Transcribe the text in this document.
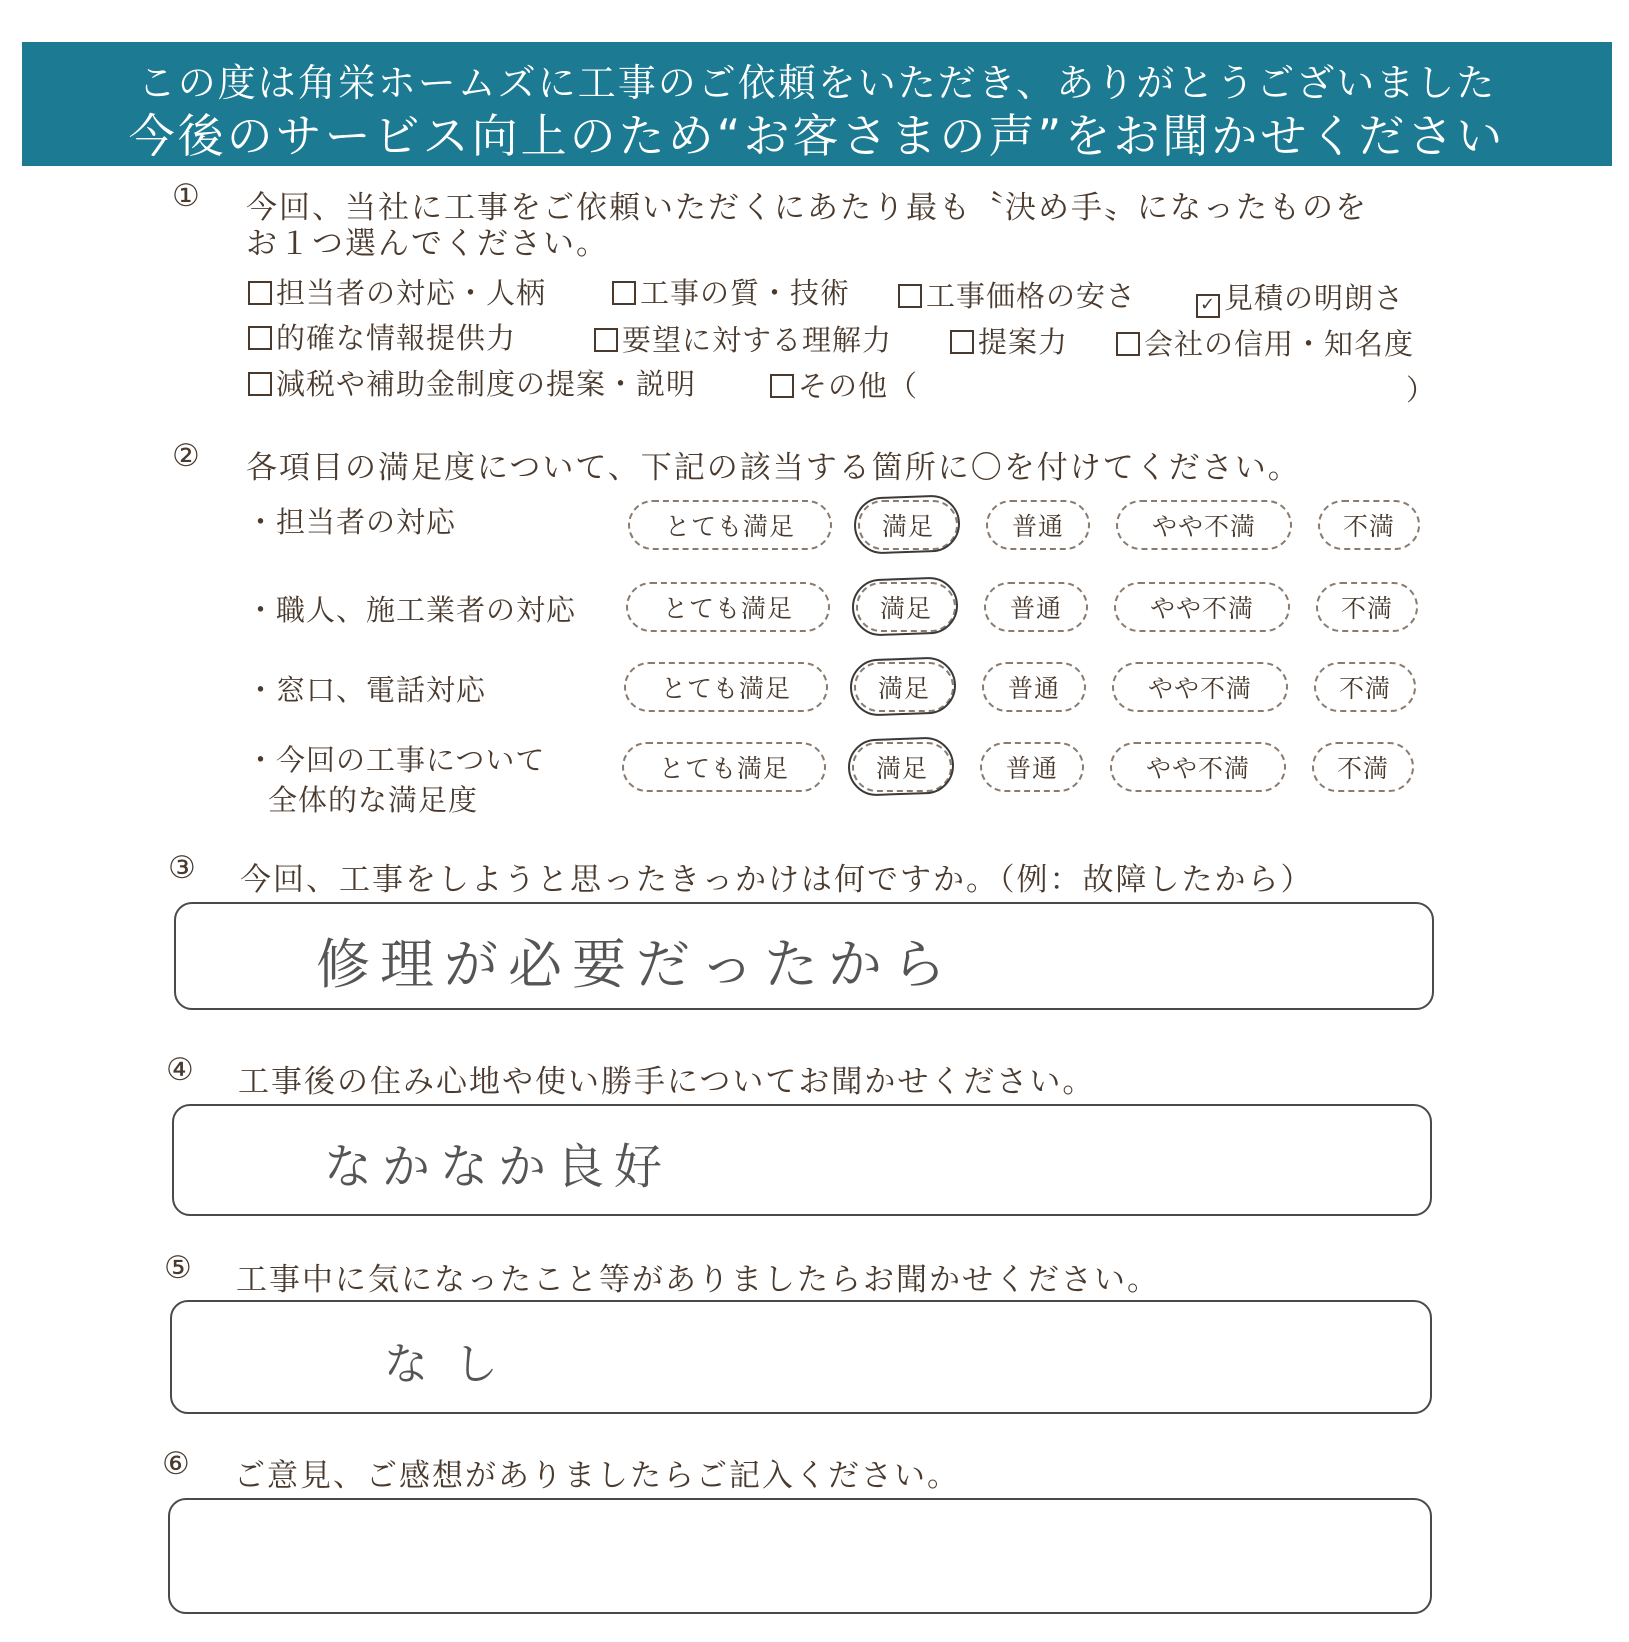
この度は角栄ホームズに工事のご依頼をいただき、ありがとうございました
今後のサービス向上のため“お客さまの声”をお聞かせください
① 今回、当社に工事をご依頼いただくにあたり最も〝決め手〟になったものを
お１つ選んでください。
担当者の対応・人柄	工事の質・技術	工事価格の安さ	✓ 見積の明朗さ
的確な情報提供力	要望に対する理解力	提案力	会社の信用・知名度
減税や補助金制度の提案・説明	その他（	）
② 各項目の満足度について、下記の該当する箇所に〇を付けてください。
・担当者の対応	とても満足	満足	普通	やや不満	不満
・職人、施工業者の対応	とても満足	満足	普通	やや不満	不満
・窓口、電話対応	とても満足	満足	普通	やや不満	不満
・今回の工事について
全体的な満足度
とても満足	満足	普通	やや不満	不満
③ 今回、工事をしようと思ったきっかけは何ですか。（例：故障したから）
修理が必要だったから
④ 工事後の住み心地や使い勝手についてお聞かせください。
なかなか良好
⑤ 工事中に気になったこと等がありましたらお聞かせください。
なし
⑥ ご意見、ご感想がありましたらご記入ください。
